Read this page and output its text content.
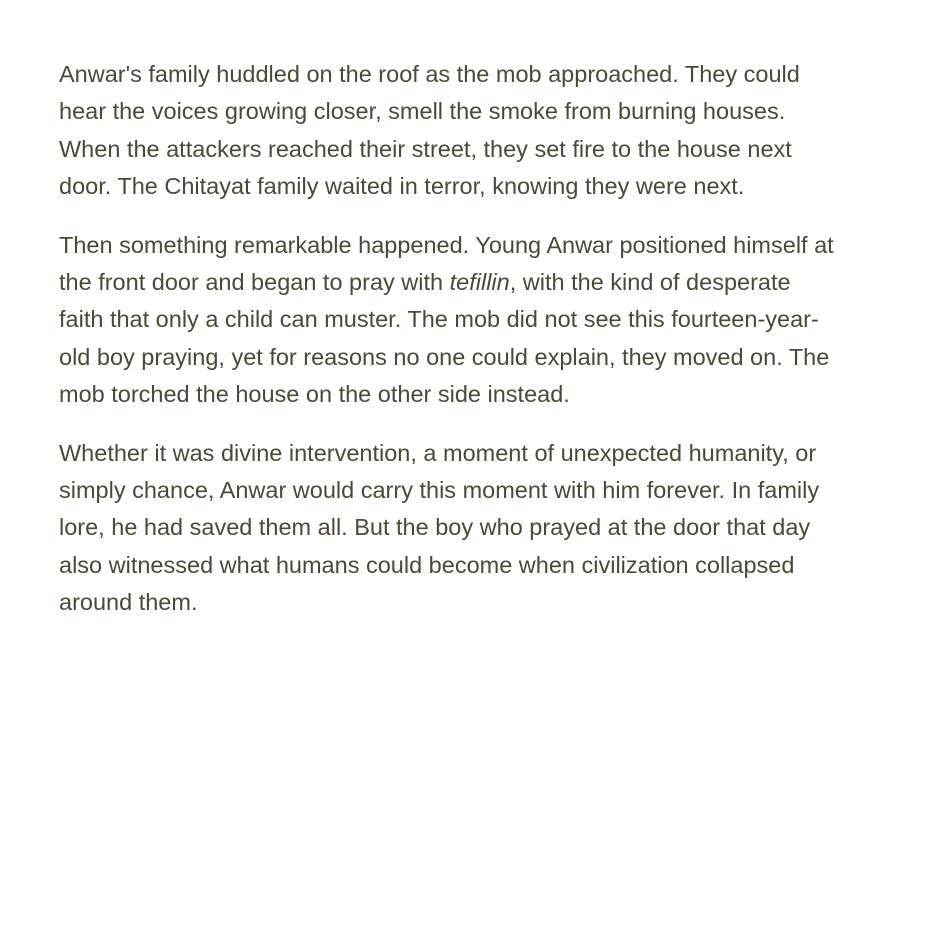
Anwar's family huddled on the roof as the mob approached. They could
hear the voices growing closer, smell the smoke from burning houses.
When the attackers reached their street, they set fire to the house next
door. The Chitayat family waited in terror, knowing they were next.

Then something remarkable happened. Young Anwar positioned himself at
the front door and began to pray with tefillin, with the kind of desperate
faith that only a child can muster. The mob did not see this fourteen-year-
old boy praying, yet for reasons no one could explain, they moved on. The
mob torched the house on the other side instead.

Whether it was divine intervention, a moment of unexpected humanity, or
simply chance, Anwar would carry this moment with him forever. In family
lore, he had saved them all. But the boy who prayed at the door that day
also witnessed what humans could become when civilization collapsed
around them.
